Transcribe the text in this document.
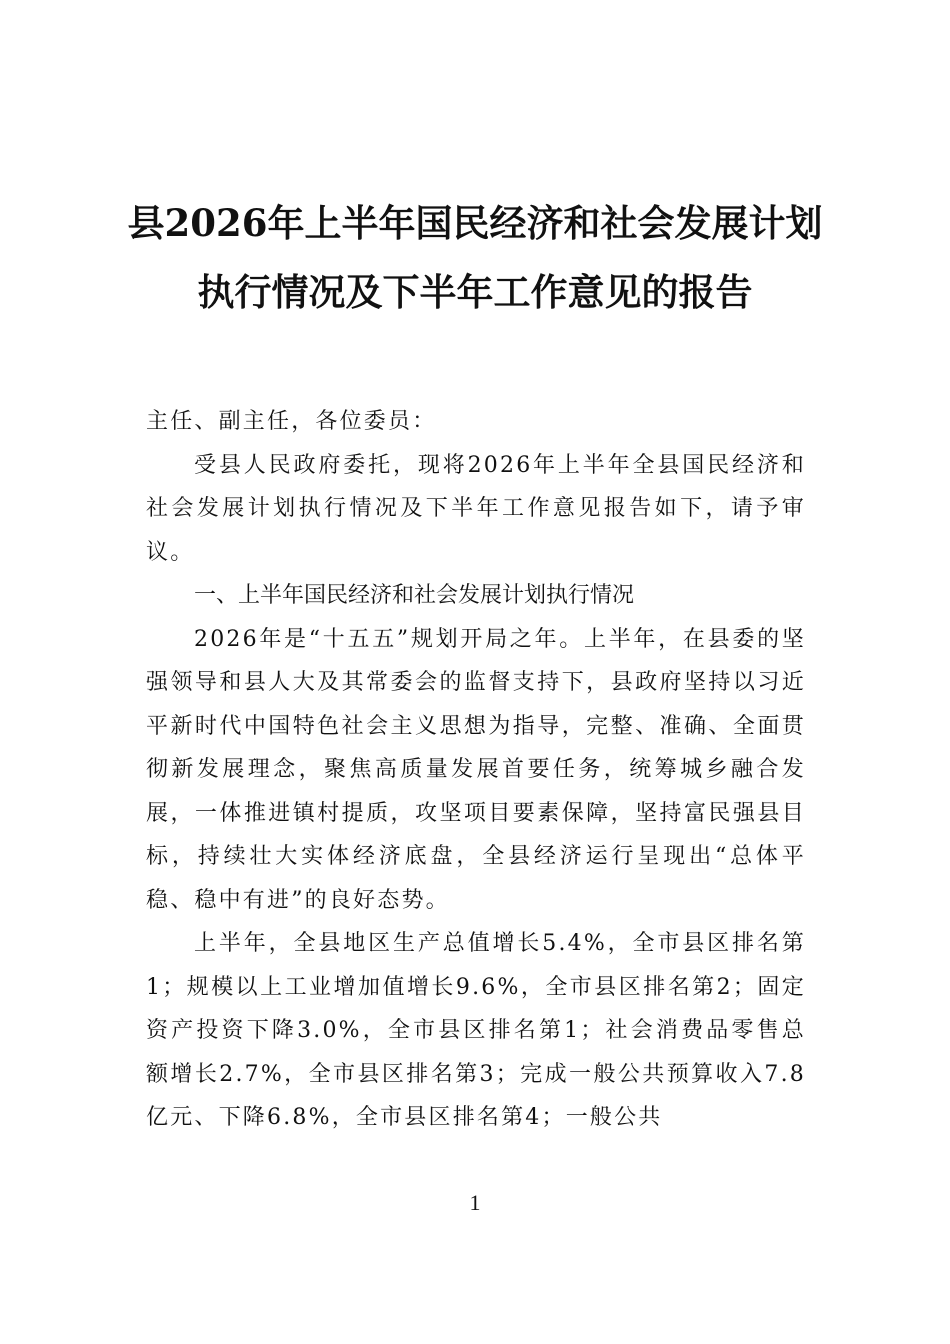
县2026年上半年国民经济和社会发展计划
执行情况及下半年工作意见的报告

主任、副主任，各位委员：

受县人民政府委托，现将2026年上半年全县国民经济和社会发展计划执行情况及下半年工作意见报告如下，请予审议。

一、上半年国民经济和社会发展计划执行情况

2026年是“十五五”规划开局之年。上半年，在县委的坚强领导和县人大及其常委会的监督支持下，县政府坚持以习近平新时代中国特色社会主义思想为指导，完整、准确、全面贯彻新发展理念，聚焦高质量发展首要任务，统筹城乡融合发展，一体推进镇村提质，攻坚项目要素保障，坚持富民强县目标，持续壮大实体经济底盘，全县经济运行呈现出“总体平稳、稳中有进”的良好态势。

上半年，全县地区生产总值增长5.4%，全市县区排名第1；规模以上工业增加值增长9.6%，全市县区排名第2；固定资产投资下降3.0%，全市县区排名第1；社会消费品零售总额增长2.7%，全市县区排名第3；完成一般公共预算收入7.8亿元、下降6.8%，全市县区排名第4；一般公共

1
